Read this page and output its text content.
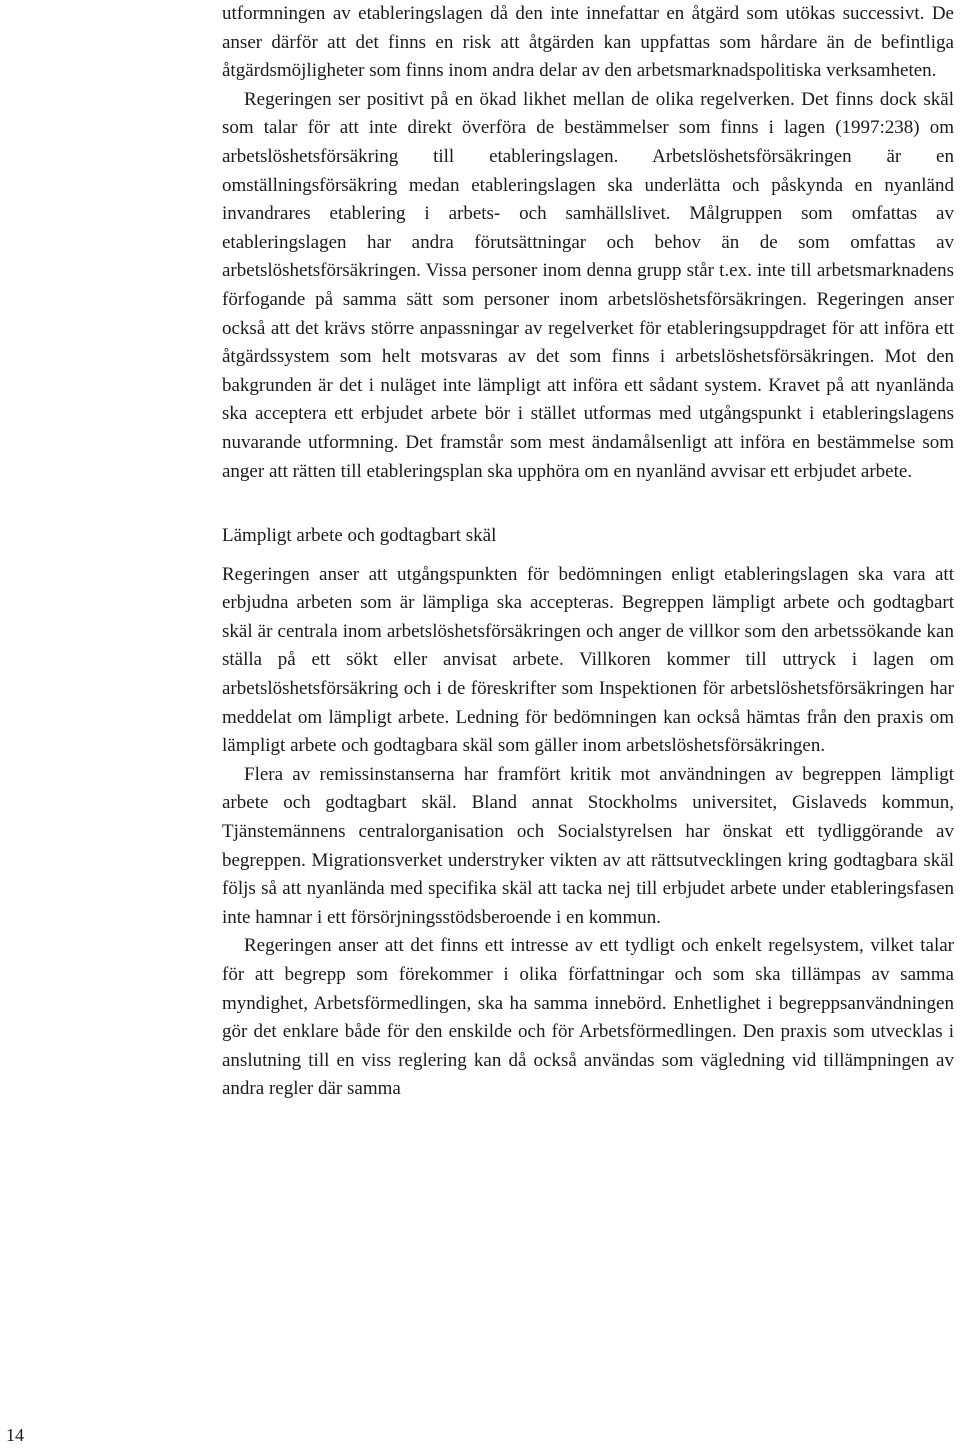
utformningen av etableringslagen då den inte innefattar en åtgärd som utökas successivt. De anser därför att det finns en risk att åtgärden kan uppfattas som hårdare än de befintliga åtgärdsmöjligheter som finns inom andra delar av den arbetsmarknadspolitiska verksamheten.

Regeringen ser positivt på en ökad likhet mellan de olika regelverken. Det finns dock skäl som talar för att inte direkt överföra de bestämmelser som finns i lagen (1997:238) om arbetslöshetsförsäkring till etableringslagen. Arbetslöshetsförsäkringen är en omställningsförsäkring medan etableringslagen ska underlätta och påskynda en nyanländ invandrares etablering i arbets- och samhällslivet. Målgruppen som omfattas av etableringslagen har andra förutsättningar och behov än de som omfattas av arbetslöshetsförsäkringen. Vissa personer inom denna grupp står t.ex. inte till arbetsmarknadens förfogande på samma sätt som personer inom arbetslöshetsförsäkringen. Regeringen anser också att det krävs större anpassningar av regelverket för etableringsuppdraget för att införa ett åtgärdssystem som helt motsvaras av det som finns i arbetslöshetsförsäkringen. Mot den bakgrunden är det i nuläget inte lämpligt att införa ett sådant system. Kravet på att nyanlända ska acceptera ett erbjudet arbete bör i stället utformas med utgångspunkt i etableringslagens nuvarande utformning. Det framstår som mest ändamålsenligt att införa en bestämmelse som anger att rätten till etableringsplan ska upphöra om en nyanländ avvisar ett erbjudet arbete.

Lämpligt arbete och godtagbart skäl

Regeringen anser att utgångspunkten för bedömningen enligt etableringslagen ska vara att erbjudna arbeten som är lämpliga ska accepteras. Begreppen lämpligt arbete och godtagbart skäl är centrala inom arbetslöshetsförsäkringen och anger de villkor som den arbetssökande kan ställa på ett sökt eller anvisat arbete. Villkoren kommer till uttryck i lagen om arbetslöshetsförsäkring och i de föreskrifter som Inspektionen för arbetslöshetsförsäkringen har meddelat om lämpligt arbete. Ledning för bedömningen kan också hämtas från den praxis om lämpligt arbete och godtagbara skäl som gäller inom arbetslöshetsförsäkringen.

Flera av remissinstanserna har framfört kritik mot användningen av begreppen lämpligt arbete och godtagbart skäl. Bland annat Stockholms universitet, Gislaveds kommun, Tjänstemännens centralorganisation och Socialstyrelsen har önskat ett tydliggörande av begreppen. Migrationsverket understryker vikten av att rättsutvecklingen kring godtagbara skäl följs så att nyanlända med specifika skäl att tacka nej till erbjudet arbete under etableringsfasen inte hamnar i ett försörjningsstödsberoende i en kommun.

Regeringen anser att det finns ett intresse av ett tydligt och enkelt regelsystem, vilket talar för att begrepp som förekommer i olika författningar och som ska tillämpas av samma myndighet, Arbetsförmedlingen, ska ha samma innebörd. Enhetlighet i begreppsanvändningen gör det enklare både för den enskilde och för Arbetsförmedlingen. Den praxis som utvecklas i anslutning till en viss reglering kan då också användas som vägledning vid tillämpningen av andra regler där samma

14
